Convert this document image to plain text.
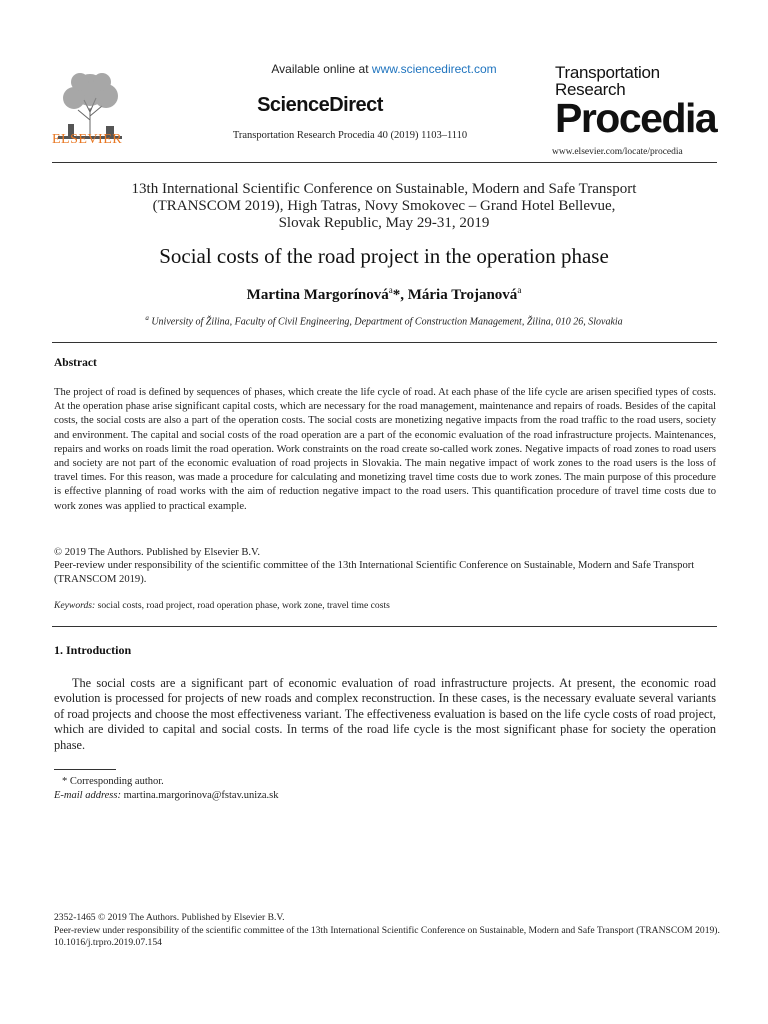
ELSEVIER
Available online at www.sciencedirect.com
ScienceDirect
Transportation Research Procedia 40 (2019) 1103–1110
Transportation
Research
Procedia
www.elsevier.com/locate/procedia
13th International Scientific Conference on Sustainable, Modern and Safe Transport
(TRANSCOM 2019), High Tatras, Novy Smokovec – Grand Hotel Bellevue,
Slovak Republic, May 29-31, 2019
Social costs of the road project in the operation phase
Martina Margorínová$^a$*, Mária Trojanová$^a$
$^a$ University of Žilina, Faculty of Civil Engineering, Department of Construction Management, Žilina, 010 26, Slovakia
Abstract
The project of road is defined by sequences of phases, which create the life cycle of road. At each phase of the life cycle are arisen specified types of costs. At the operation phase arise significant capital costs, which are necessary for the road management, maintenance and repairs of roads. Besides of the capital costs, the social costs are also a part of the operation costs. The social costs are monetizing negative impacts from the road traffic to the road users, society and environment. The capital and social costs of the road operation are a part of the economic evaluation of the road infrastructure projects. Maintenances, repairs and works on roads limit the road operation. Work constraints on the road create so-called work zones. Negative impacts of road zones to road users and society are not part of the economic evaluation of road projects in Slovakia. The main negative impact of work zones to the road users is the loss of travel times. For this reason, was made a procedure for calculating and monetizing travel time costs due to work zones. The main purpose of this procedure is effective planning of road works with the aim of reduction negative impact to the road users. This quantification procedure of travel time costs due to work zones was applied to practical example.
© 2019 The Authors. Published by Elsevier B.V.
Peer-review under responsibility of the scientific committee of the 13th International Scientific Conference on Sustainable, Modern and Safe Transport (TRANSCOM 2019).
Keywords: social costs, road project, road operation phase, work zone, travel time costs
1. Introduction
The social costs are a significant part of economic evaluation of road infrastructure projects. At present, the economic road evolution is processed for projects of new roads and complex reconstruction. In these cases, is the necessary evaluate several variants of road projects and choose the most effectiveness variant. The effectiveness evaluation is based on the life cycle costs of road project, which are divided to capital and social costs. In terms of the road life cycle is the most significant phase for society the operation phase.
* Corresponding author.
E-mail address: martina.margorinova@fstav.uniza.sk
2352-1465 © 2019 The Authors. Published by Elsevier B.V.
Peer-review under responsibility of the scientific committee of the 13th International Scientific Conference on Sustainable, Modern and Safe Transport (TRANSCOM 2019).
10.1016/j.trpro.2019.07.154
